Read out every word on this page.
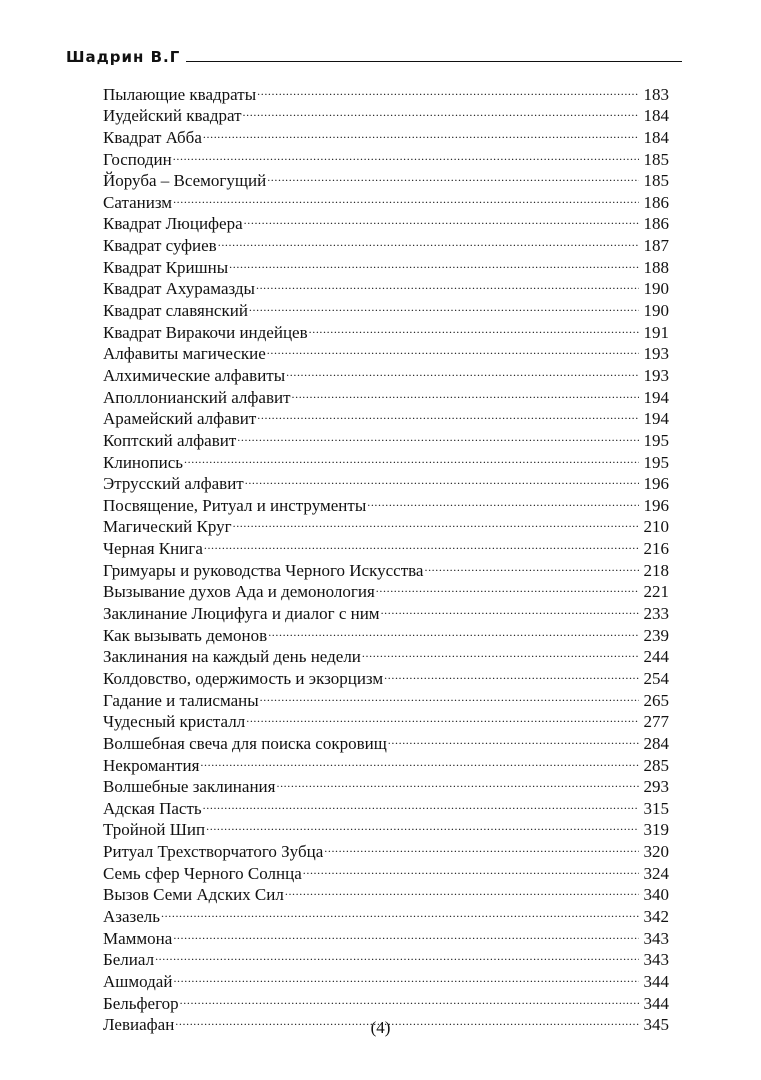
Шадрин В.Г
Пылающие квадраты .....	183
Иудейский квадрат .....	184
Квадрат Абба .....	184
Господин .....	185
Йоруба – Всемогущий .....	185
Сатанизм .....	186
Квадрат Люцифера .....	186
Квадрат суфиев .....	187
Квадрат Кришны .....	188
Квадрат Ахурамазды .....	190
Квадрат славянский .....	190
Квадрат Виракочи индейцев .....	191
Алфавиты магические .....	193
Алхимические алфавиты .....	193
Аполлонианский алфавит .....	194
Арамейский алфавит .....	194
Коптский алфавит .....	195
Клинопись .....	195
Этрусский алфавит .....	196
Посвящение, Ритуал и инструменты .....	196
Магический Круг .....	210
Черная Книга .....	216
Гримуары и руководства Черного Искусства .....	218
Вызывание духов Ада и демонология .....	221
Заклинание Люцифуга и диалог с ним .....	233
Как вызывать демонов .....	239
Заклинания на каждый день недели .....	244
Колдовство, одержимость и экзорцизм .....	254
Гадание и талисманы .....	265
Чудесный кристалл .....	277
Волшебная свеча для поиска сокровищ .....	284
Некромантия .....	285
Волшебные заклинания .....	293
Адская Пасть .....	315
Тройной Шип .....	319
Ритуал Трехстворчатого Зубца .....	320
Семь сфер Черного Солнца .....	324
Вызов Семи Адских Сил .....	340
Азазель .....	342
Маммона .....	343
Белиал .....	343
Ашмодай .....	344
Бельфегор .....	344
Левиафан .....	345
(4)
